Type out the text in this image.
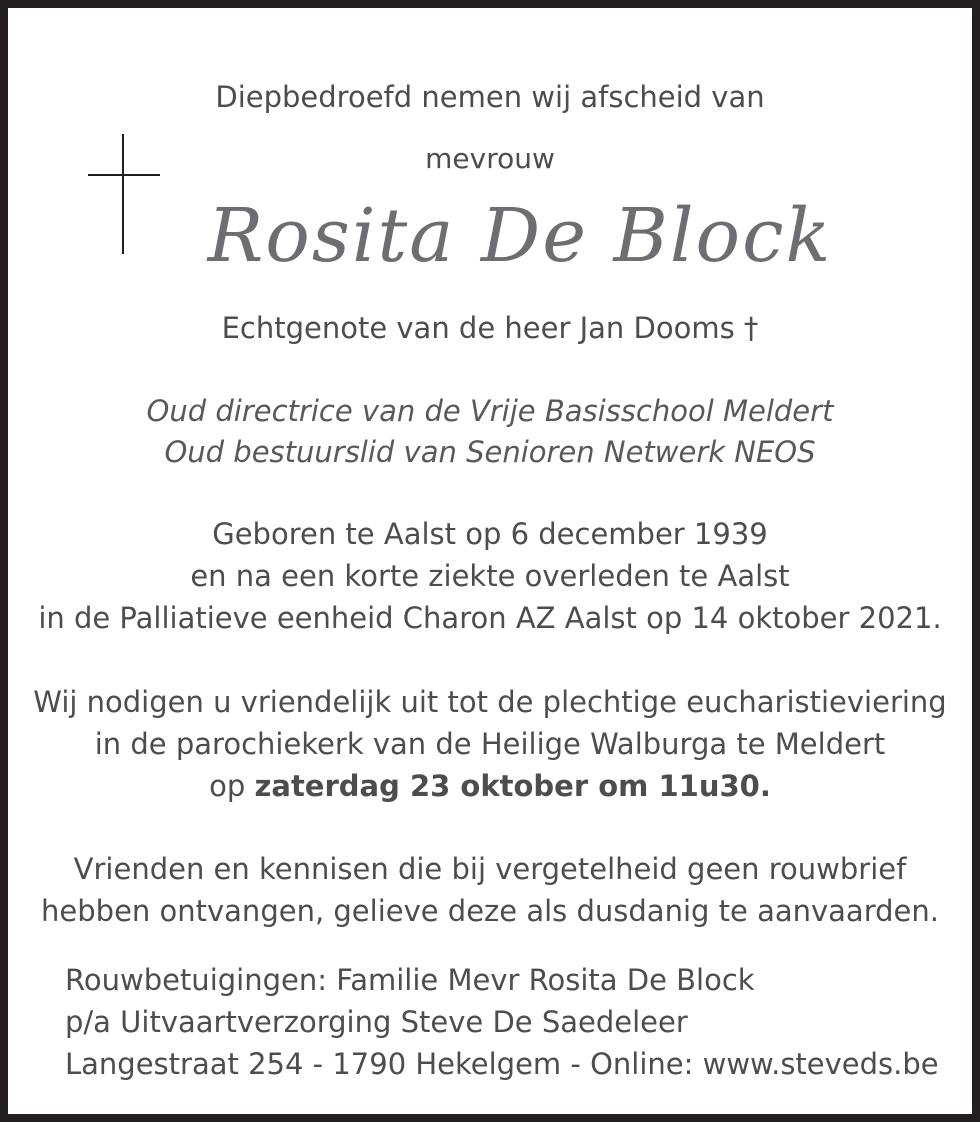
Diepbedroefd nemen wij afscheid van
mevrouw
Rosita De Block
Echtgenote van de heer Jan Dooms †
Oud directrice van de Vrije Basisschool Meldert
Oud bestuurslid van Senioren Netwerk NEOS
Geboren te Aalst op 6 december 1939
en na een korte ziekte overleden te Aalst
in de Palliatieve eenheid Charon AZ Aalst op 14 oktober 2021.
Wij nodigen u vriendelijk uit tot de plechtige eucharistieviering
in de parochiekerk van de Heilige Walburga te Meldert
op zaterdag 23 oktober om 11u30.
Vrienden en kennisen die bij vergetelheid geen rouwbrief
hebben ontvangen, gelieve deze als dusdanig te aanvaarden.
Rouwbetuigingen: Familie Mevr Rosita De Block
p/a Uitvaartverzorging Steve De Saedeleer
Langestraat 254 - 1790 Hekelgem - Online: www.steveds.be
